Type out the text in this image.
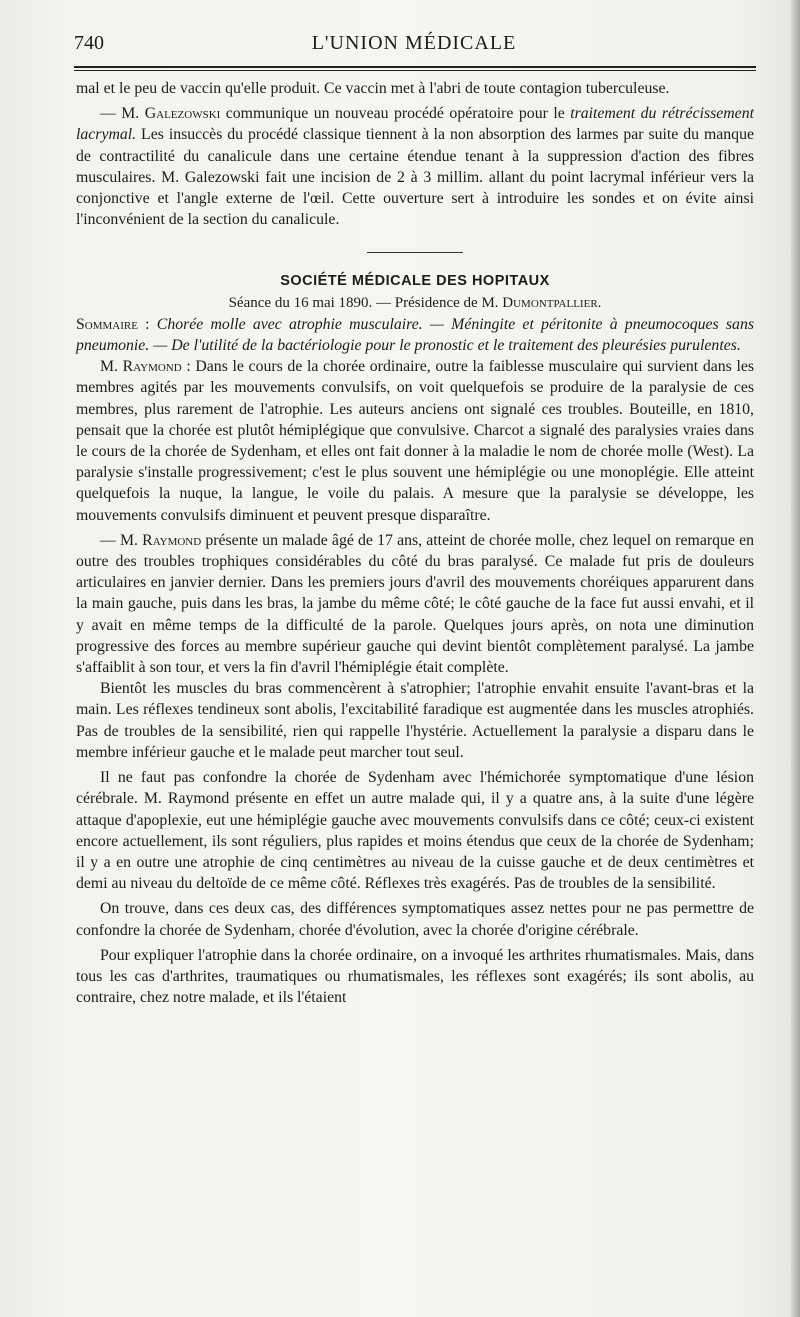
740	L'UNION MÉDICALE

mal et le peu de vaccin qu'elle produit. Ce vaccin met à l'abri de toute contagion tuberculeuse.

— M. Galezowski communique un nouveau procédé opératoire pour le traitement du rétrécissement lacrymal. Les insuccès du procédé classique tiennent à la non absorption des larmes par suite du manque de contractilité du canalicule dans une certaine étendue tenant à la suppression d'action des fibres musculaires. M. Galezowski fait une incision de 2 à 3 millim. allant du point lacrymal inférieur vers la conjonctive et l'angle externe de l'œil. Cette ouverture sert à introduire les sondes et on évite ainsi l'inconvénient de la section du canalicule.

SOCIÉTÉ MÉDICALE DES HOPITAUX

Séance du 16 mai 1890. — Présidence de M. Dumontpallier.

Sommaire : Chorée molle avec atrophie musculaire. — Méningite et péritonite à pneumocoques sans pneumonie. — De l'utilité de la bactériologie pour le pronostic et le traitement des pleurésies purulentes.

M. Raymond : Dans le cours de la chorée ordinaire, outre la faiblesse musculaire qui survient dans les membres agités par les mouvements convulsifs, on voit quelquefois se produire de la paralysie de ces membres, plus rarement de l'atrophie. Les auteurs anciens ont signalé ces troubles. Bouteille, en 1810, pensait que la chorée est plutôt hémiplégique que convulsive. Charcot a signalé des paralysies vraies dans le cours de la chorée de Sydenham, et elles ont fait donner à la maladie le nom de chorée molle (West). La paralysie s'installe progressivement; c'est le plus souvent une hémiplégie ou une monoplégie. Elle atteint quelquefois la nuque, la langue, le voile du palais. A mesure que la paralysie se développe, les mouvements convulsifs diminuent et peuvent presque disparaître.

— M. Raymond présente un malade âgé de 17 ans, atteint de chorée molle, chez lequel on remarque en outre des troubles trophiques considérables du côté du bras paralysé. Ce malade fut pris de douleurs articulaires en janvier dernier. Dans les premiers jours d'avril des mouvements choréiques apparurent dans la main gauche, puis dans les bras, la jambe du même côté; le côté gauche de la face fut aussi envahi, et il y avait en même temps de la difficulté de la parole. Quelques jours après, on nota une diminution progressive des forces au membre supérieur gauche qui devint bientôt complètement paralysé. La jambe s'affaiblit à son tour, et vers la fin d'avril l'hémiplégie était complète.

Bientôt les muscles du bras commencèrent à s'atrophier; l'atrophie envahit ensuite l'avant-bras et la main. Les réflexes tendineux sont abolis, l'excitabilité faradique est augmentée dans les muscles atrophiés. Pas de troubles de la sensibilité, rien qui rappelle l'hystérie. Actuellement la paralysie a disparu dans le membre inférieur gauche et le malade peut marcher tout seul.

Il ne faut pas confondre la chorée de Sydenham avec l'hémichorée symptomatique d'une lésion cérébrale. M. Raymond présente en effet un autre malade qui, il y a quatre ans, à la suite d'une légère attaque d'apoplexie, eut une hémiplégie gauche avec mouvements convulsifs dans ce côté; ceux-ci existent encore actuellement, ils sont réguliers, plus rapides et moins étendus que ceux de la chorée de Sydenham; il y a en outre une atrophie de cinq centimètres au niveau de la cuisse gauche et de deux centimètres et demi au niveau du deltoïde de ce même côté. Réflexes très exagérés. Pas de troubles de la sensibilité.

On trouve, dans ces deux cas, des différences symptomatiques assez nettes pour ne pas permettre de confondre la chorée de Sydenham, chorée d'évolution, avec la chorée d'origine cérébrale.

Pour expliquer l'atrophie dans la chorée ordinaire, on a invoqué les arthrites rhumatismales. Mais, dans tous les cas d'arthrites, traumatiques ou rhumatismales, les réflexes sont exagérés; ils sont abolis, au contraire, chez notre malade, et ils l'étaient
